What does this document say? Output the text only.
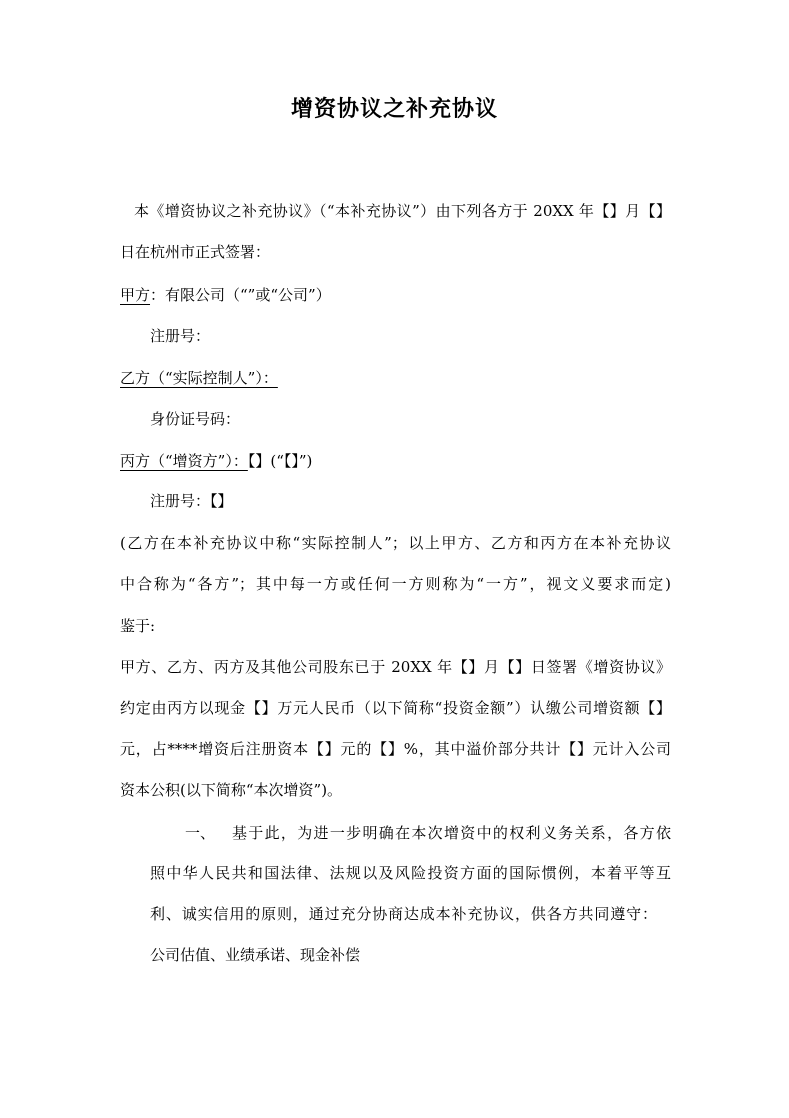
增资协议之补充协议
本《增资协议之补充协议》（“本补充协议”）由下列各方于 20XX 年【】月【】
日在杭州市正式签署：
甲方：有限公司（“”或“公司”）
注册号：
乙方（“实际控制人”）：
身份证号码：
丙方（“增资方”）：【】(“【】”)
注册号：【】
(乙方在本补充协议中称“实际控制人”；以上甲方、乙方和丙方在本补充协议
中合称为“各方”；其中每一方或任何一方则称为“一方”，视文义要求而定)
鉴于:
甲方、乙方、丙方及其他公司股东已于 20XX 年【】月【】日签署《增资协议》
约定由丙方以现金【】万元人民币（以下简称“投资金额”）认缴公司增资额【】
元，占****增资后注册资本【】元的【】%，其中溢价部分共计【】元计入公司
资本公积(以下简称“本次增资”)。
一、 基于此，为进一步明确在本次增资中的权利义务关系，各方依
照中华人民共和国法律、法规以及风险投资方面的国际惯例，本着平等互
利、诚实信用的原则，通过充分协商达成本补充协议，供各方共同遵守：
公司估值、业绩承诺、现金补偿
